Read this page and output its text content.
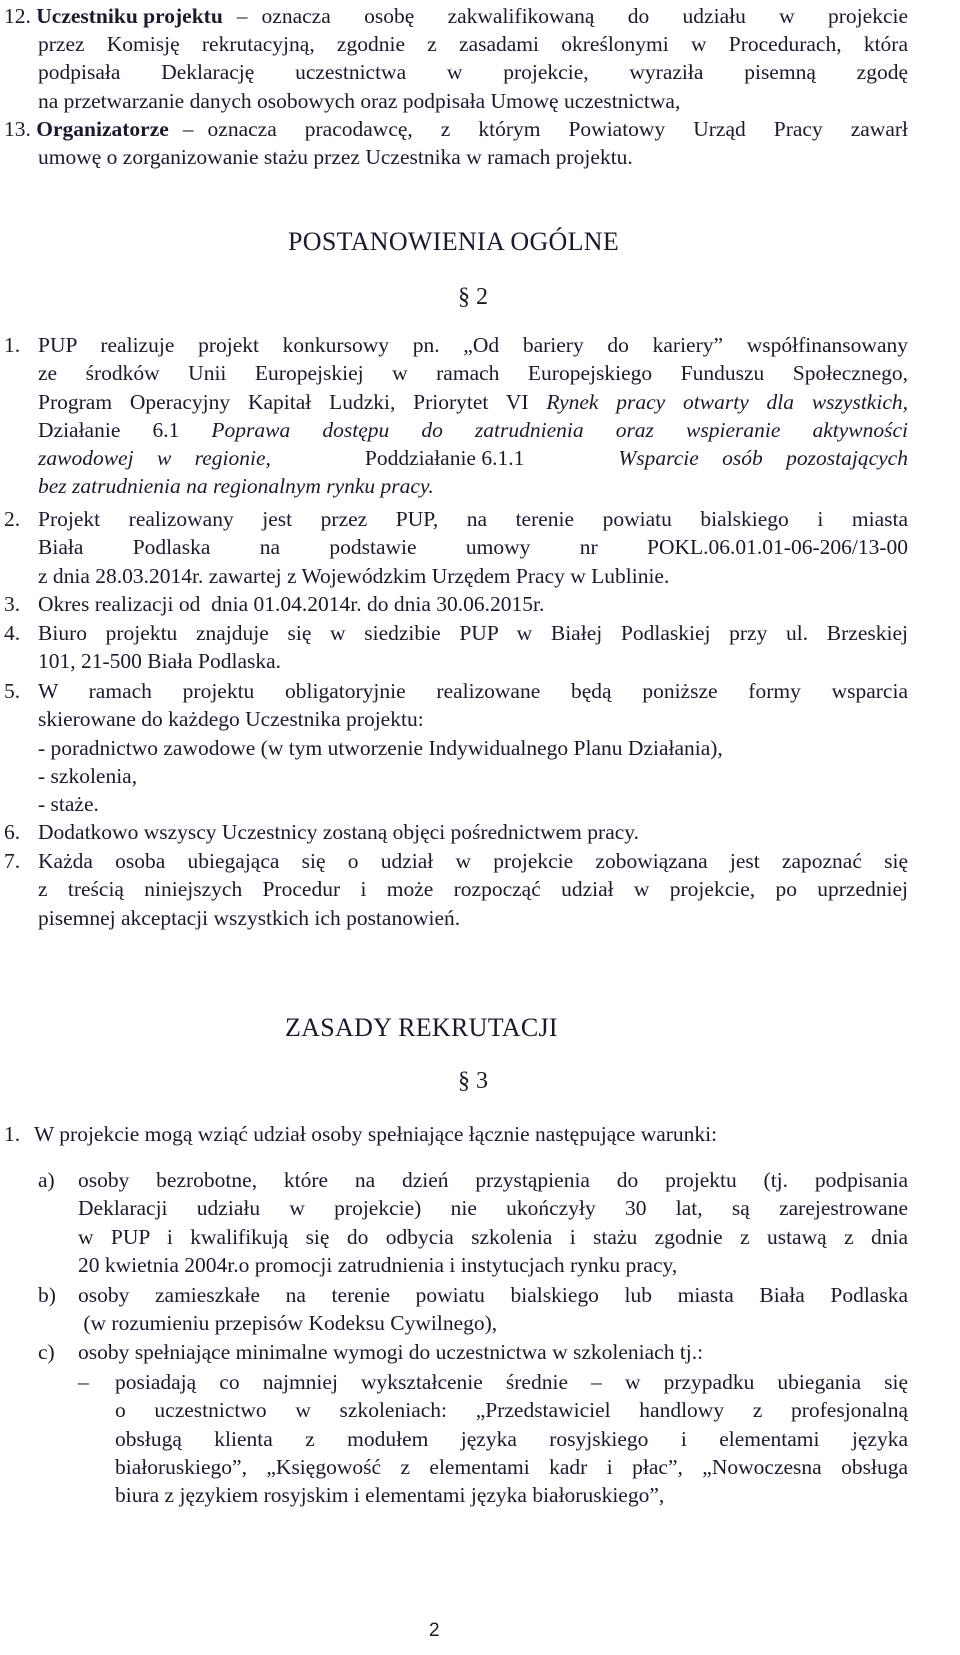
12. Uczestniku projektu – oznacza osobę zakwalifikowaną do udziału w projekcie
przez Komisję rekrutacyjną, zgodnie z zasadami określonymi w Procedurach, która
podpisała Deklarację uczestnictwa w projekcie, wyraziła pisemną zgodę
na przetwarzanie danych osobowych oraz podpisała Umowę uczestnictwa,
13. Organizatorze – oznacza pracodawcę, z którym Powiatowy Urząd Pracy zawarł
umowę o zorganizowanie stażu przez Uczestnika w ramach projektu.
POSTANOWIENIA OGÓLNE
§ 2
1. PUP realizuje projekt konkursowy pn. „Od bariery do kariery” współfinansowany
ze środków Unii Europejskiej w ramach Europejskiego Funduszu Społecznego,
Program Operacyjny Kapitał Ludzki, Priorytet VI Rynek pracy otwarty dla wszystkich,
Działanie 6.1 Poprawa dostępu do zatrudnienia oraz wspieranie aktywności
zawodowej w regionie,	Poddziałanie 6.1.1	Wsparcie osób pozostających
bez zatrudnienia na regionalnym rynku pracy.
2. Projekt realizowany jest przez PUP, na terenie powiatu bialskiego i miasta
Biała Podlaska na podstawie umowy nr POKL.06.01.01-06-206/13-00
z dnia 28.03.2014r. zawartej z Wojewódzkim Urzędem Pracy w Lublinie.
3. Okres realizacji od  dnia 01.04.2014r. do dnia 30.06.2015r.
4. Biuro projektu znajduje się w siedzibie PUP w Białej Podlaskiej przy ul. Brzeskiej
101, 21-500 Biała Podlaska.
5. W ramach projektu obligatoryjnie realizowane będą poniższe formy wsparcia
skierowane do każdego Uczestnika projektu:
- poradnictwo zawodowe (w tym utworzenie Indywidualnego Planu Działania),
- szkolenia,
- staże.
6. Dodatkowo wszyscy Uczestnicy zostaną objęci pośrednictwem pracy.
7. Każda osoba ubiegająca się o udział w projekcie zobowiązana jest zapoznać się
z treścią niniejszych Procedur i może rozpocząć udział w projekcie, po uprzedniej
pisemnej akceptacji wszystkich ich postanowień.
ZASADY REKRUTACJI
§ 3
1. W projekcie mogą wziąć udział osoby spełniające łącznie następujące warunki:
a)	osoby bezrobotne, które na dzień przystąpienia do projektu (tj. podpisania
Deklaracji udziału w projekcie) nie ukończyły 30 lat, są zarejestrowane
w PUP i kwalifikują się do odbycia szkolenia i stażu zgodnie z ustawą z dnia
20 kwietnia 2004r.o promocji zatrudnienia i instytucjach rynku pracy,
b)	osoby zamieszkałe na terenie powiatu bialskiego lub miasta Biała Podlaska
(w rozumieniu przepisów Kodeksu Cywilnego),
c)	osoby spełniające minimalne wymogi do uczestnictwa w szkoleniach tj.:
–	posiadają co najmniej wykształcenie średnie – w przypadku ubiegania się
o uczestnictwo w szkoleniach: „Przedstawiciel handlowy z profesjonalną
obsługą klienta z modułem języka rosyjskiego i elementami języka
białoruskiego”, „Księgowość z elementami kadr i płac”, „Nowoczesna obsługa
biura z językiem rosyjskim i elementami języka białoruskiego”,
2
